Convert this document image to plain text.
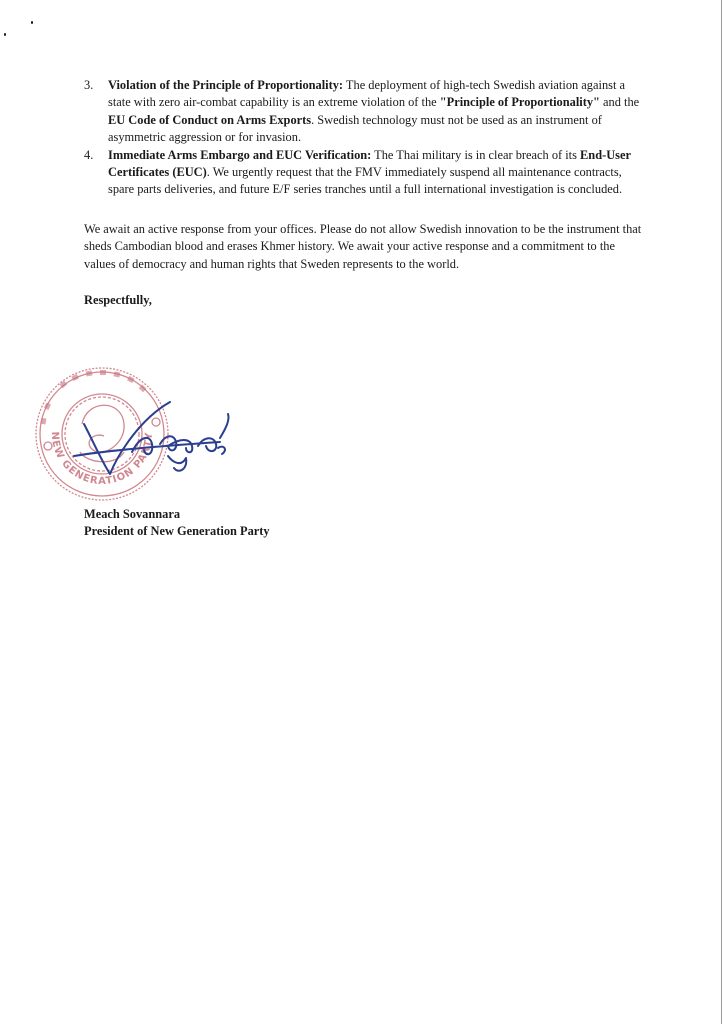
3.	Violation of the Principle of Proportionality: The deployment of high-tech Swedish aviation against a state with zero air-combat capability is an extreme violation of the "Principle of Proportionality" and the EU Code of Conduct on Arms Exports. Swedish technology must not be used as an instrument of asymmetric aggression or for invasion.
4.	Immediate Arms Embargo and EUC Verification: The Thai military is in clear breach of its End-User Certificates (EUC). We urgently request that the FMV immediately suspend all maintenance contracts, spare parts deliveries, and future E/F series tranches until a full international investigation is concluded.

We await an active response from your offices. Please do not allow Swedish innovation to be the instrument that sheds Cambodian blood and erases Khmer history. We await your active response and a commitment to the values of democracy and human rights that Sweden represents to the world.

Respectfully,
NEW GENERATION PARTY
Meach Sovannara
President of New Generation Party
